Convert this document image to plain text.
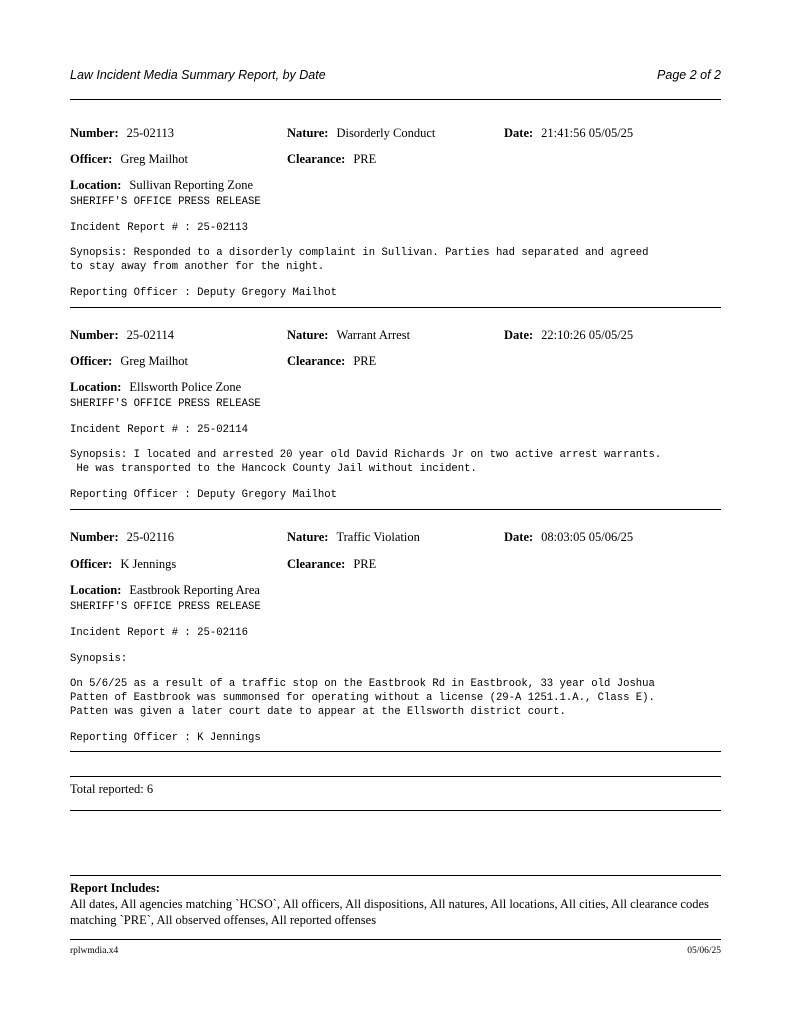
Law Incident Media Summary Report, by Date	Page 2 of 2
Number: 25-02113	Nature: Disorderly Conduct	Date: 21:41:56 05/05/25
Officer: Greg Mailhot	Clearance: PRE
Location: Sullivan Reporting Zone
SHERIFF'S OFFICE PRESS RELEASE
Incident Report # : 25-02113
Synopsis: Responded to a disorderly complaint in Sullivan. Parties had separated and agreed
to stay away from another for the night.
Reporting Officer : Deputy Gregory Mailhot
Number: 25-02114	Nature: Warrant Arrest	Date: 22:10:26 05/05/25
Officer: Greg Mailhot	Clearance: PRE
Location: Ellsworth Police Zone
SHERIFF'S OFFICE PRESS RELEASE
Incident Report # : 25-02114
Synopsis: I located and arrested 20 year old David Richards Jr on two active arrest warrants.
He was transported to the Hancock County Jail without incident.
Reporting Officer : Deputy Gregory Mailhot
Number: 25-02116	Nature: Traffic Violation	Date: 08:03:05 05/06/25
Officer: K Jennings	Clearance: PRE
Location: Eastbrook Reporting Area
SHERIFF'S OFFICE PRESS RELEASE
Incident Report # : 25-02116
Synopsis:
On 5/6/25 as a result of a traffic stop on the Eastbrook Rd in Eastbrook, 33 year old Joshua
Patten of Eastbrook was summonsed for operating without a license (29-A 1251.1.A., Class E).
Patten was given a later court date to appear at the Ellsworth district court.
Reporting Officer : K Jennings
Total reported: 6
Report Includes:
All dates, All agencies matching `HCSO`, All officers, All dispositions, All natures, All locations, All cities, All clearance codes matching `PRE`, All observed offenses, All reported offenses
rplwmdia.x4	05/06/25
